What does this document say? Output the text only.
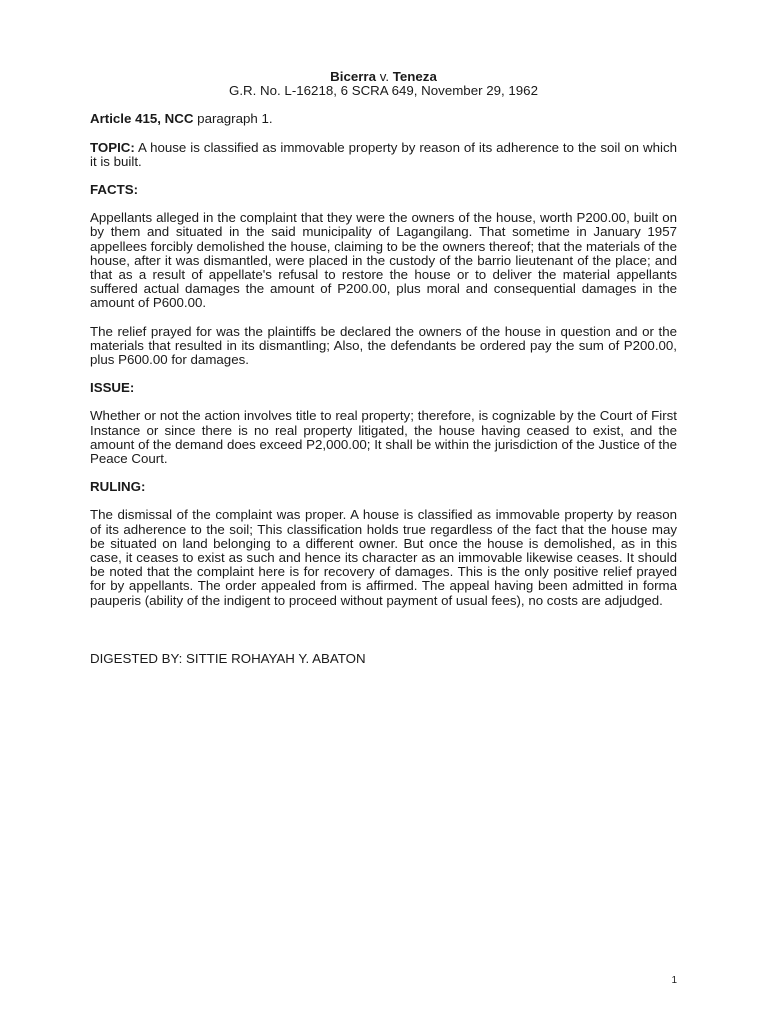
Bicerra v. Teneza
G.R. No. L-16218, 6 SCRA 649, November 29, 1962

Article 415, NCC paragraph 1.

TOPIC: A house is classified as immovable property by reason of its adherence to the soil on which it is built.

FACTS:

Appellants alleged in the complaint that they were the owners of the house, worth P200.00, built on by them and situated in the said municipality of Lagangilang. That sometime in January 1957 appellees forcibly demolished the house, claiming to be the owners thereof; that the materials of the house, after it was dismantled, were placed in the custody of the barrio lieutenant of the place; and that as a result of appellate's refusal to restore the house or to deliver the material appellants suffered actual damages the amount of P200.00, plus moral and consequential damages in the amount of P600.00.

The relief prayed for was the plaintiffs be declared the owners of the house in question and or the materials that resulted in its dismantling; Also, the defendants be ordered pay the sum of P200.00, plus P600.00 for damages.

ISSUE:

Whether or not the action involves title to real property; therefore, is cognizable by the Court of First Instance or since there is no real property litigated, the house having ceased to exist, and the amount of the demand does exceed P2,000.00; It shall be within the jurisdiction of the Justice of the Peace Court.

RULING:

The dismissal of the complaint was proper. A house is classified as immovable property by reason of its adherence to the soil; This classification holds true regardless of the fact that the house may be situated on land belonging to a different owner. But once the house is demolished, as in this case, it ceases to exist as such and hence its character as an immovable likewise ceases. It should be noted that the complaint here is for recovery of damages. This is the only positive relief prayed for by appellants. The order appealed from is affirmed. The appeal having been admitted in forma pauperis (ability of the indigent to proceed without payment of usual fees), no costs are adjudged.

DIGESTED BY: SITTIE ROHAYAH Y. ABATON

1
